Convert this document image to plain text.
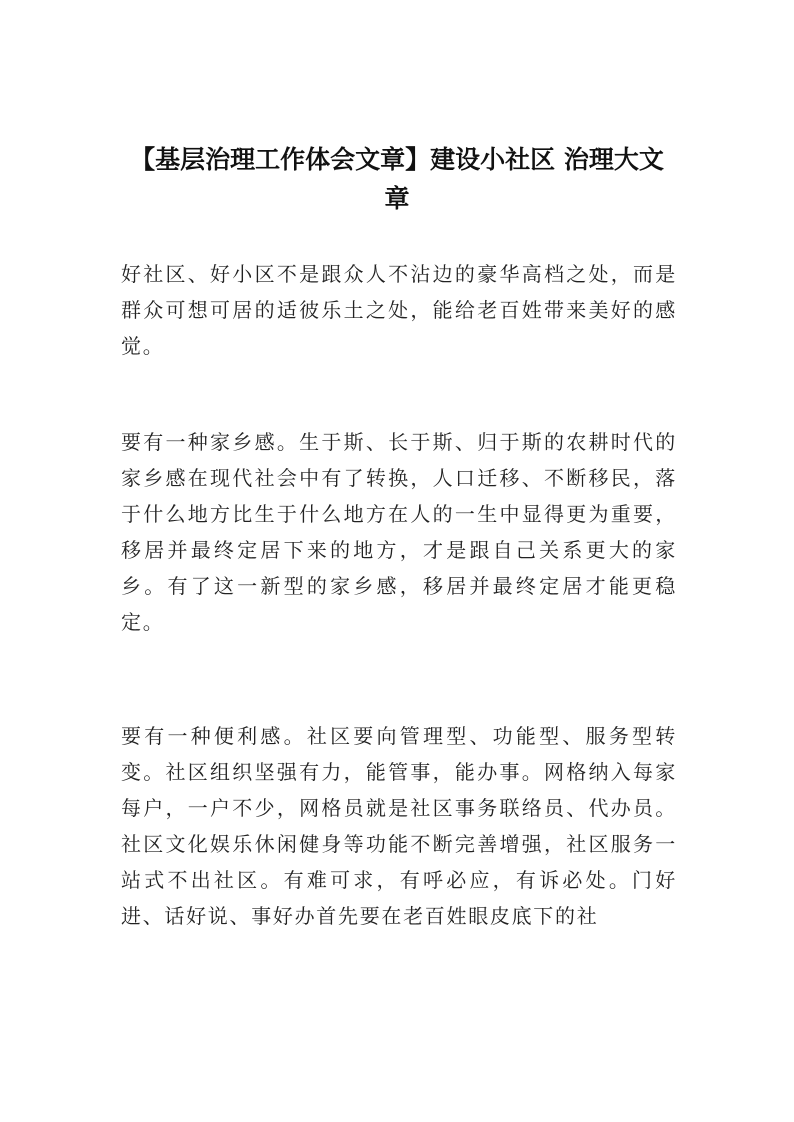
【基层治理工作体会文章】建设小社区 治理大文章

好社区、好小区不是跟众人不沾边的豪华高档之处，而是群众可想可居的适彼乐土之处，能给老百姓带来美好的感觉。

要有一种家乡感。生于斯、长于斯、归于斯的农耕时代的家乡感在现代社会中有了转换，人口迁移、不断移民，落于什么地方比生于什么地方在人的一生中显得更为重要，移居并最终定居下来的地方，才是跟自己关系更大的家乡。有了这一新型的家乡感，移居并最终定居才能更稳定。

要有一种便利感。社区要向管理型、功能型、服务型转变。社区组织坚强有力，能管事，能办事。网格纳入每家每户，一户不少，网格员就是社区事务联络员、代办员。社区文化娱乐休闲健身等功能不断完善增强，社区服务一站式不出社区。有难可求，有呼必应，有诉必处。门好进、话好说、事好办首先要在老百姓眼皮底下的社
